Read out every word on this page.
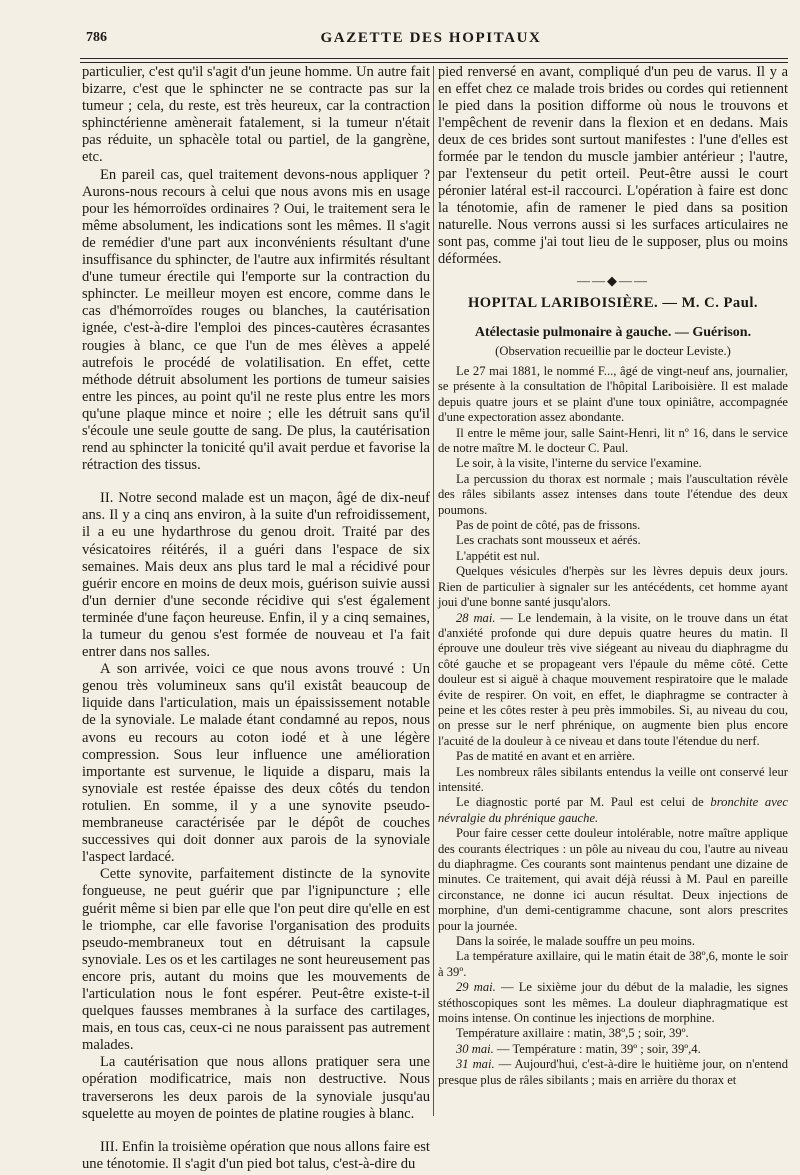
786	GAZETTE DES HOPITAUX

particulier, c'est qu'il s'agit d'un jeune homme. Un autre fait bizarre, c'est que le sphincter ne se contracte pas sur la tumeur ; cela, du reste, est très heureux, car la contraction sphinctérienne amènerait fatalement, si la tumeur n'était pas réduite, un sphacèle total ou partiel, de la gangrène, etc.

En pareil cas, quel traitement devons-nous appliquer ? Aurons-nous recours à celui que nous avons mis en usage pour les hémorroïdes ordinaires ? Oui, le traitement sera le même absolument, les indications sont les mêmes. Il s'agit de remédier d'une part aux inconvénients résultant d'une insuffisance du sphincter, de l'autre aux infirmités résultant d'une tumeur érectile qui l'emporte sur la contraction du sphincter. Le meilleur moyen est encore, comme dans le cas d'hémorroïdes rouges ou blanches, la cautérisation ignée, c'est-à-dire l'emploi des pinces-cautères écrasantes rougies à blanc, ce que l'un de mes élèves a appelé autrefois le procédé de volatilisation. En effet, cette méthode détruit absolument les portions de tumeur saisies entre les pinces, au point qu'il ne reste plus entre les mors qu'une plaque mince et noire ; elle les détruit sans qu'il s'écoule une seule goutte de sang. De plus, la cautérisation rend au sphincter la tonicité qu'il avait perdue et favorise la rétraction des tissus.

II. Notre second malade est un maçon, âgé de dix-neuf ans. Il y a cinq ans environ, à la suite d'un refroidissement, il a eu une hydarthrose du genou droit. Traité par des vésicatoires réitérés, il a guéri dans l'espace de six semaines. Mais deux ans plus tard le mal a récidivé pour guérir encore en moins de deux mois, guérison suivie aussi d'un dernier d'une seconde récidive qui s'est également terminée d'une façon heureuse. Enfin, il y a cinq semaines, la tumeur du genou s'est formée de nouveau et l'a fait entrer dans nos salles.

A son arrivée, voici ce que nous avons trouvé : Un genou très volumineux sans qu'il existât beaucoup de liquide dans l'articulation, mais un épaississement notable de la synoviale. Le malade étant condamné au repos, nous avons eu recours au coton iodé et à une légère compression. Sous leur influence une amélioration importante est survenue, le liquide a disparu, mais la synoviale est restée épaisse des deux côtés du tendon rotulien. En somme, il y a une synovite pseudo-membraneuse caractérisée par le dépôt de couches successives qui doit donner aux parois de la synoviale l'aspect lardacé.

Cette synovite, parfaitement distincte de la synovite fongueuse, ne peut guérir que par l'ignipuncture ; elle guérit même si bien par elle que l'on peut dire qu'elle en est le triomphe, car elle favorise l'organisation des produits pseudo-membraneux tout en détruisant la capsule synoviale. Les os et les cartilages ne sont heureusement pas encore pris, autant du moins que les mouvements de l'articulation nous le font espérer. Peut-être existe-t-il quelques fausses membranes à la surface des cartilages, mais, en tous cas, ceux-ci ne nous paraissent pas autrement malades.

La cautérisation que nous allons pratiquer sera une opération modificatrice, mais non destructive. Nous traverserons les deux parois de la synoviale jusqu'au squelette au moyen de pointes de platine rougies à blanc.

III. Enfin la troisième opération que nous allons faire est une ténotomie. Il s'agit d'un pied bot talus, c'est-à-dire du

pied renversé en avant, compliqué d'un peu de varus. Il y a en effet chez ce malade trois brides ou cordes qui retiennent le pied dans la position difforme où nous le trouvons et l'empêchent de revenir dans la flexion et en dedans. Mais deux de ces brides sont surtout manifestes : l'une d'elles est formée par le tendon du muscle jambier antérieur ; l'autre, par l'extenseur du petit orteil. Peut-être aussi le court péronier latéral est-il raccourci. L'opération à faire est donc la ténotomie, afin de ramener le pied dans sa position naturelle. Nous verrons aussi si les surfaces articulaires ne sont pas, comme j'ai tout lieu de le supposer, plus ou moins déformées.

——◆——
HOPITAL LARIBOISIÈRE. — M. C. Paul.
Atélectasie pulmonaire à gauche. — Guérison.
(Observation recueillie par le docteur Leviste.)

Le 27 mai 1881, le nommé F..., âgé de vingt-neuf ans, journalier, se présente à la consultation de l'hôpital Lariboisière. Il est malade depuis quatre jours et se plaint d'une toux opiniâtre, accompagnée d'une expectoration assez abondante.

Il entre le même jour, salle Saint-Henri, lit nº 16, dans le service de notre maître M. le docteur C. Paul.

Le soir, à la visite, l'interne du service l'examine.

La percussion du thorax est normale ; mais l'auscultation révèle des râles sibilants assez intenses dans toute l'étendue des deux poumons.

Pas de point de côté, pas de frissons.

Les crachats sont mousseux et aérés.

L'appétit est nul.

Quelques vésicules d'herpès sur les lèvres depuis deux jours. Rien de particulier à signaler sur les antécédents, cet homme ayant joui d'une bonne santé jusqu'alors.

28 mai. — Le lendemain, à la visite, on le trouve dans un état d'anxiété profonde qui dure depuis quatre heures du matin. Il éprouve une douleur très vive siégeant au niveau du diaphragme du côté gauche et se propageant vers l'épaule du même côté. Cette douleur est si aiguë à chaque mouvement respiratoire que le malade évite de respirer. On voit, en effet, le diaphragme se contracter à peine et les côtes rester à peu près immobiles. Si, au niveau du cou, on presse sur le nerf phrénique, on augmente bien plus encore l'acuité de la douleur à ce niveau et dans toute l'étendue du nerf.

Pas de matité en avant et en arrière.

Les nombreux râles sibilants entendus la veille ont conservé leur intensité.

Le diagnostic porté par M. Paul est celui de bronchite avec névralgie du phrénique gauche.

Pour faire cesser cette douleur intolérable, notre maître applique des courants électriques : un pôle au niveau du cou, l'autre au niveau du diaphragme. Ces courants sont maintenus pendant une dizaine de minutes. Ce traitement, qui avait déjà réussi à M. Paul en pareille circonstance, ne donne ici aucun résultat. Deux injections de morphine, d'un demi-centigramme chacune, sont alors prescrites pour la journée.

Dans la soirée, le malade souffre un peu moins.

La température axillaire, qui le matin était de 38º,6, monte le soir à 39º.

29 mai. — Le sixième jour du début de la maladie, les signes stéthoscopiques sont les mêmes. La douleur diaphragmatique est moins intense. On continue les injections de morphine.

Température axillaire : matin, 38º,5 ; soir, 39º.

30 mai. — Température : matin, 39º ; soir, 39º,4.

31 mai. — Aujourd'hui, c'est-à-dire le huitième jour, on n'entend presque plus de râles sibilants ; mais en arrière du thorax et
